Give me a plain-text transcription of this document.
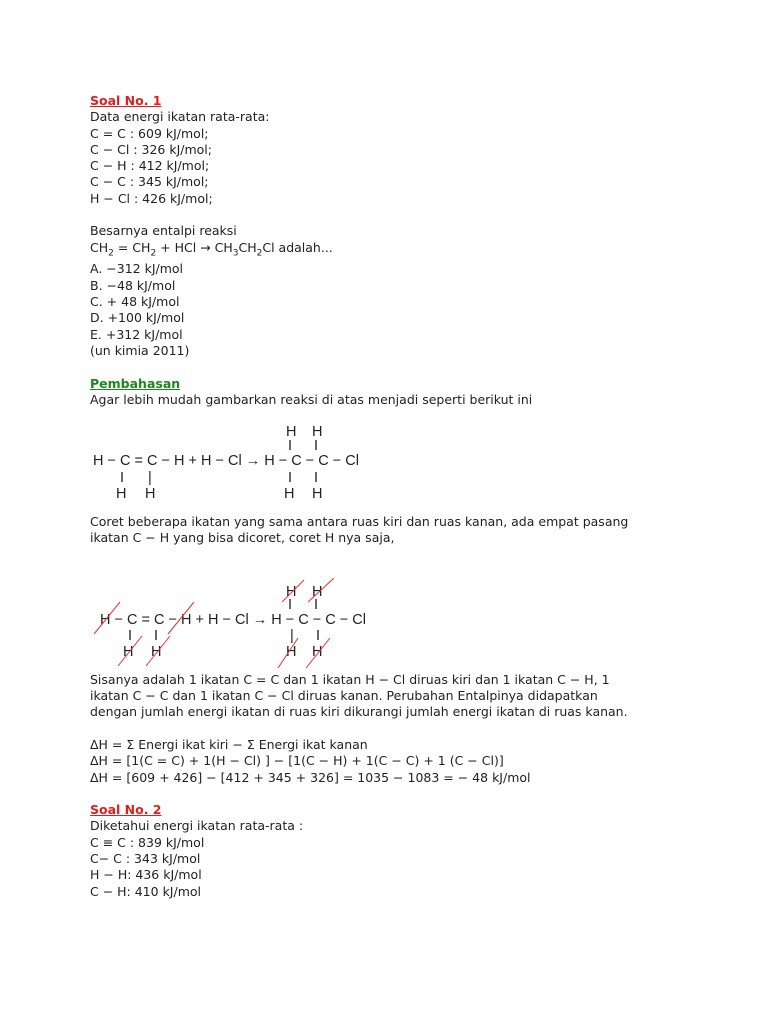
Soal No. 1

Data energi ikatan rata-rata:

C = C : 609 kJ/mol;

C − Cl : 326 kJ/mol;

C − H : 412 kJ/mol;

C − C : 345 kJ/mol;

H − Cl : 426 kJ/mol;

Besarnya entalpi reaksi

$CH_2 = CH_2$ + HCl → $CH_3CH_2Cl$ adalah...

A. −312 kJ/mol

B. −48 kJ/mol

C. + 48 kJ/mol

D. +100 kJ/mol

E. +312 kJ/mol

(un kimia 2011)

Pembahasan

Agar lebih mudah gambarkan reaksi di atas menjadi seperti berikut ini

Coret beberapa ikatan yang sama antara ruas kiri dan ruas kanan, ada empat pasang ikatan C − H yang bisa dicoret, coret H nya saja,

Sisanya adalah 1 ikatan C = C dan 1 ikatan H − Cl diruas kiri dan 1 ikatan C − H, 1 ikatan C − C dan 1 ikatan C − Cl diruas kanan. Perubahan Entalpinya didapatkan dengan jumlah energi ikatan di ruas kiri dikurangi jumlah energi ikatan di ruas kanan.

ΔH = Σ Energi ikat kiri − Σ Energi ikat kanan

ΔH = [1(C = C) + 1(H − Cl) ] − [1(C − H) + 1(C − C) + 1 (C − Cl)]

ΔH = [609 + 426] − [412 + 345 + 326] = 1035 − 1083 = − 48 kJ/mol

Soal No. 2

Diketahui energi ikatan rata-rata :

C ≡ C : 839 kJ/mol

C− C : 343 kJ/mol

H − H: 436 kJ/mol

C − H: 410 kJ/mol

H H
I I
H − C = C − H + H − Cl → H − C − C − Cl
I |	I I
H H	H H
H H
I I
H − C = C − H + H − Cl → H − C − C − Cl
I I	| I
H H	H H
